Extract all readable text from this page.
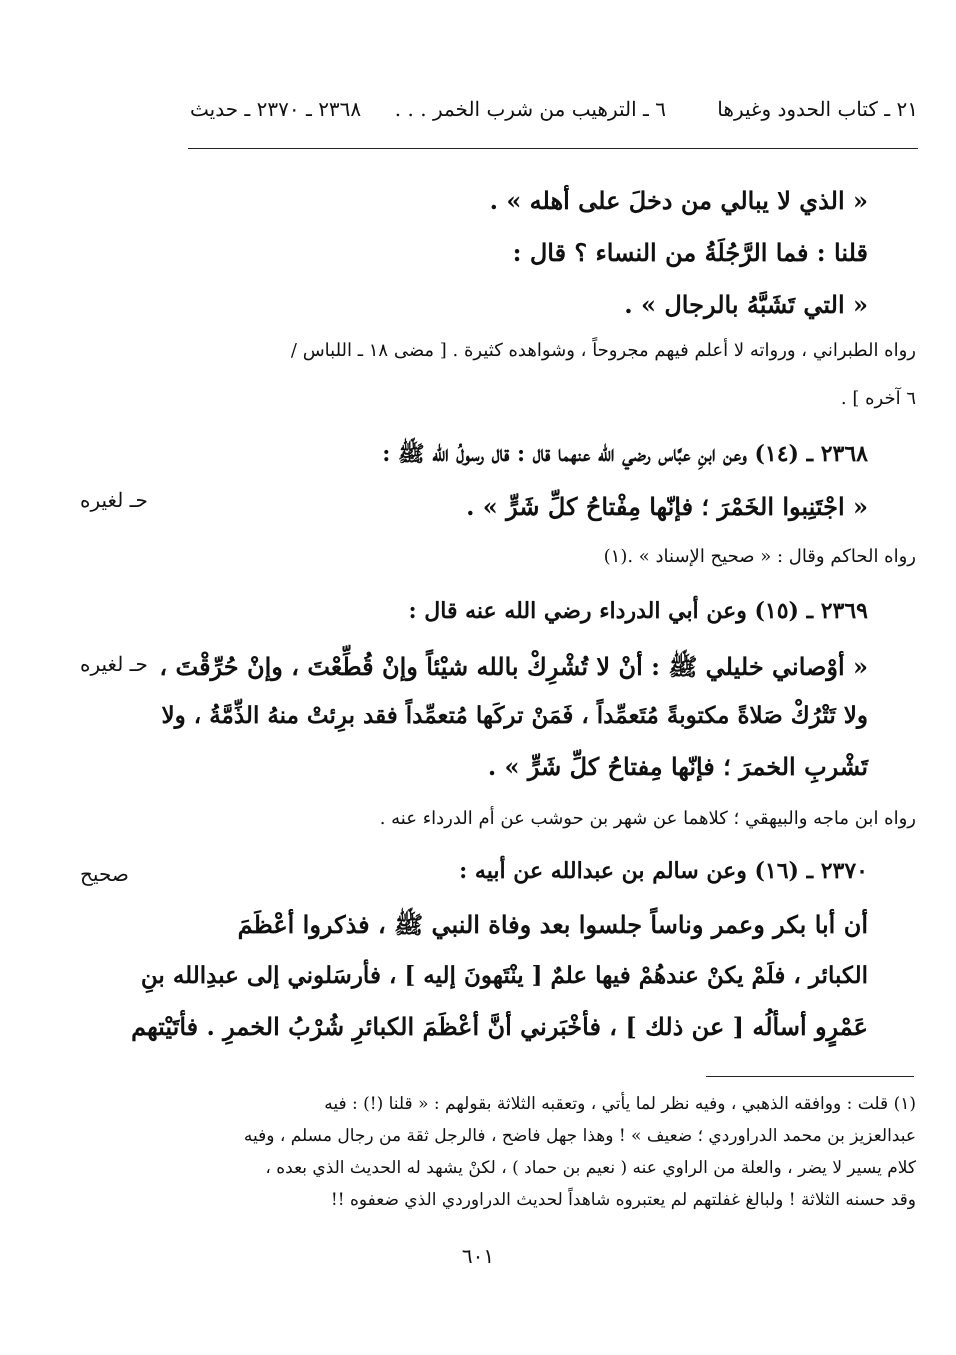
٢١ ـ كتاب الحدود وغيرها
٦ ـ الترهيب من شرب الخمر . . .
٢٣٦٨ ـ ٢٣٧٠ ـ حديث
« الذي لا يبالي من دخلَ على أهله » .
قلنا : فما الرَّجُلَةُ من النساء ؟ قال :
« التي تَشَبَّهُ بالرجال » .
رواه الطبراني ، ورواته لا أعلم فيهم مجروحاً ، وشواهده كثيرة . [ مضى ١٨ ـ اللباس /
٦ آخره ] .
٢٣٦٨ ـ (١٤) وعن ابنِ عبَّاس رضي الله عنهما قال : قال رسولُ الله ﷺ :
حـ لغيره	« اجْتَنِبوا الخَمْرَ ؛ فإنّها مِفْتاحُ كلِّ شَرٍّ » .
رواه الحاكم وقال : « صحيح الإسناد » .(١)
٢٣٦٩ ـ (١٥) وعن أبي الدرداء رضي الله عنه قال :
حـ لغيره « أوْصاني خليلي ﷺ : أنْ لا تُشْرِكْ بالله شيْئاً وإنْ قُطِّعْتَ ، وإنْ حُرِّقْتَ ،
ولا تَتْرُكْ صَلاةً مكتوبةً مُتَعمِّداً ، فَمَنْ تركَها مُتعمِّداً فقد برِئتْ منهُ الذِّمَّةُ ، ولا
تَشْربِ الخمرَ ؛ فإنّها مِفتاحُ كلِّ شَرٍّ » .
رواه ابن ماجه والبيهقي ؛ كلاهما عن شهر بن حوشب عن أم الدرداء عنه .
صحيح	٢٣٧٠ ـ (١٦) وعن سالم بن عبدالله عن أبيه :
أن أبا بكر وعمر وناساً جلسوا بعد وفاة النبي ﷺ ، فذكروا أعْظَمَ
الكبائر ، فلَمْ يكنْ عندهُمْ فيها علمٌ [ ينْتَهونَ إليه ] ، فأرسَلوني إلى عبدِالله بنِ
عَمْرٍو أسألُه [ عن ذلك ] ، فأخْبَرني أنَّ أعْظَمَ الكبائرِ شُرْبُ الخمرِ . فأتَيْتهم
(١) قلت : ووافقه الذهبي ، وفيه نظر لما يأتي ، وتعقبه الثلاثة بقولهم : « قلنا (!) : فيه
عبدالعزيز بن محمد الدراوردي ؛ ضعيف » ! وهذا جهل فاضح ، فالرجل ثقة من رجال مسلم ، وفيه
كلام يسير لا يضر ، والعلة من الراوي عنه ( نعيم بن حماد ) ، لكنْ يشهد له الحديث الذي بعده ،
وقد حسنه الثلاثة ! ولبالغ غفلتهم لم يعتبروه شاهداً لحديث الدراوردي الذي ضعفوه !!
٦٠١
